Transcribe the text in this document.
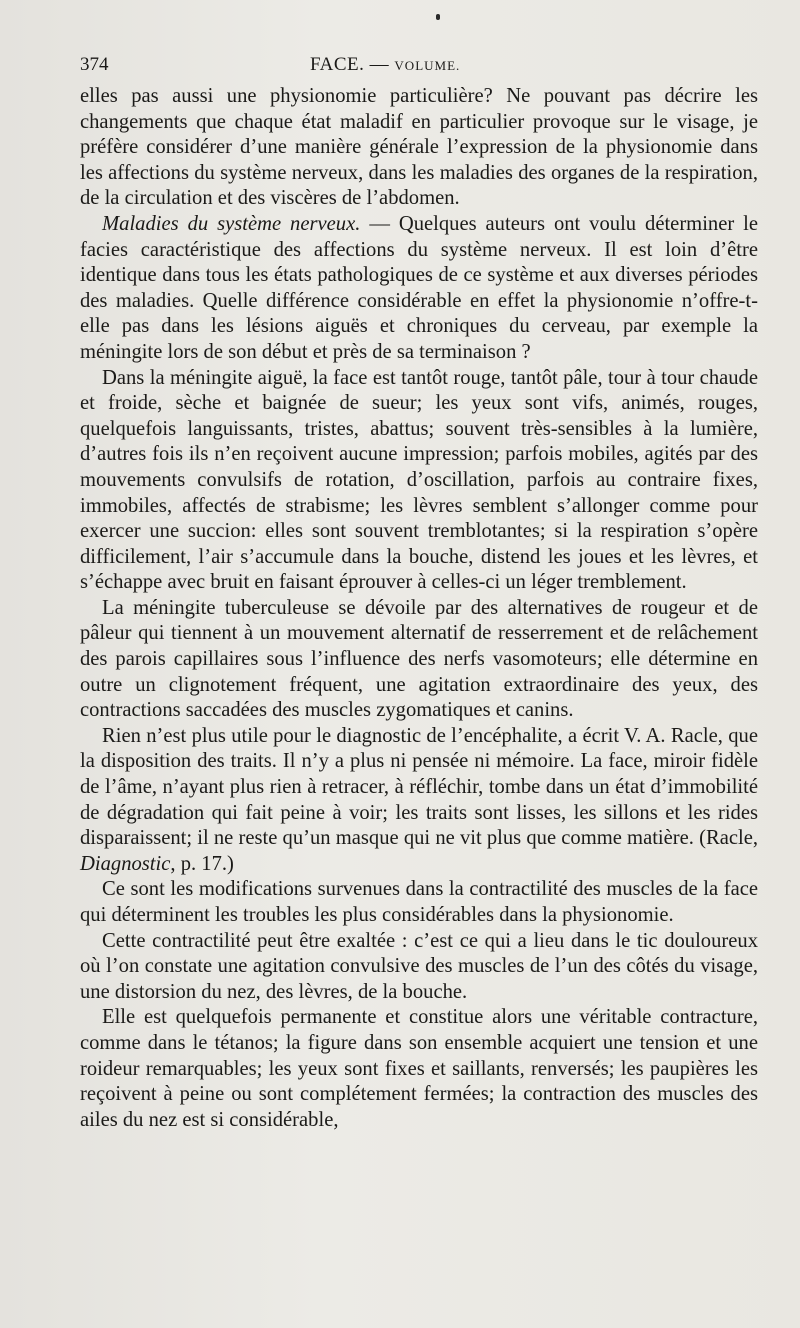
374	FACE. — VOLUME.

elles pas aussi une physionomie particulière? Ne pouvant pas décrire les changements que chaque état maladif en particulier provoque sur le visage, je préfère considérer d’une manière générale l’expression de la physionomie dans les affections du système nerveux, dans les maladies des organes de la respiration, de la circulation et des viscères de l’abdomen.

Maladies du système nerveux. — Quelques auteurs ont voulu déterminer le facies caractéristique des affections du système nerveux. Il est loin d’être identique dans tous les états pathologiques de ce système et aux diverses périodes des maladies. Quelle différence considérable en effet la physionomie n’offre-t-elle pas dans les lésions aiguës et chroniques du cerveau, par exemple la méningite lors de son début et près de sa terminaison ?

Dans la méningite aiguë, la face est tantôt rouge, tantôt pâle, tour à tour chaude et froide, sèche et baignée de sueur; les yeux sont vifs, animés, rouges, quelquefois languissants, tristes, abattus; souvent très-sensibles à la lumière, d’autres fois ils n’en reçoivent aucune impression; parfois mobiles, agités par des mouvements convulsifs de rotation, d’oscillation, parfois au contraire fixes, immobiles, affectés de strabisme; les lèvres semblent s’allonger comme pour exercer une succion: elles sont souvent tremblotantes; si la respiration s’opère difficilement, l’air s’accumule dans la bouche, distend les joues et les lèvres, et s’échappe avec bruit en faisant éprouver à celles-ci un léger tremblement.

La méningite tuberculeuse se dévoile par des alternatives de rougeur et de pâleur qui tiennent à un mouvement alternatif de resserrement et de relâchement des parois capillaires sous l’influence des nerfs vasomoteurs; elle détermine en outre un clignotement fréquent, une agitation extraordinaire des yeux, des contractions saccadées des muscles zygomatiques et canins.

Rien n’est plus utile pour le diagnostic de l’encéphalite, a écrit V. A. Racle, que la disposition des traits. Il n’y a plus ni pensée ni mémoire. La face, miroir fidèle de l’âme, n’ayant plus rien à retracer, à réfléchir, tombe dans un état d’immobilité de dégradation qui fait peine à voir; les traits sont lisses, les sillons et les rides disparaissent; il ne reste qu’un masque qui ne vit plus que comme matière. (Racle, Diagnostic, p. 17.)

Ce sont les modifications survenues dans la contractilité des muscles de la face qui déterminent les troubles les plus considérables dans la physionomie.

Cette contractilité peut être exaltée : c’est ce qui a lieu dans le tic douloureux où l’on constate une agitation convulsive des muscles de l’un des côtés du visage, une distorsion du nez, des lèvres, de la bouche.

Elle est quelquefois permanente et constitue alors une véritable contracture, comme dans le tétanos; la figure dans son ensemble acquiert une tension et une roideur remarquables; les yeux sont fixes et saillants, renversés; les paupières les reçoivent à peine ou sont complétement fermées; la contraction des muscles des ailes du nez est si considérable,
